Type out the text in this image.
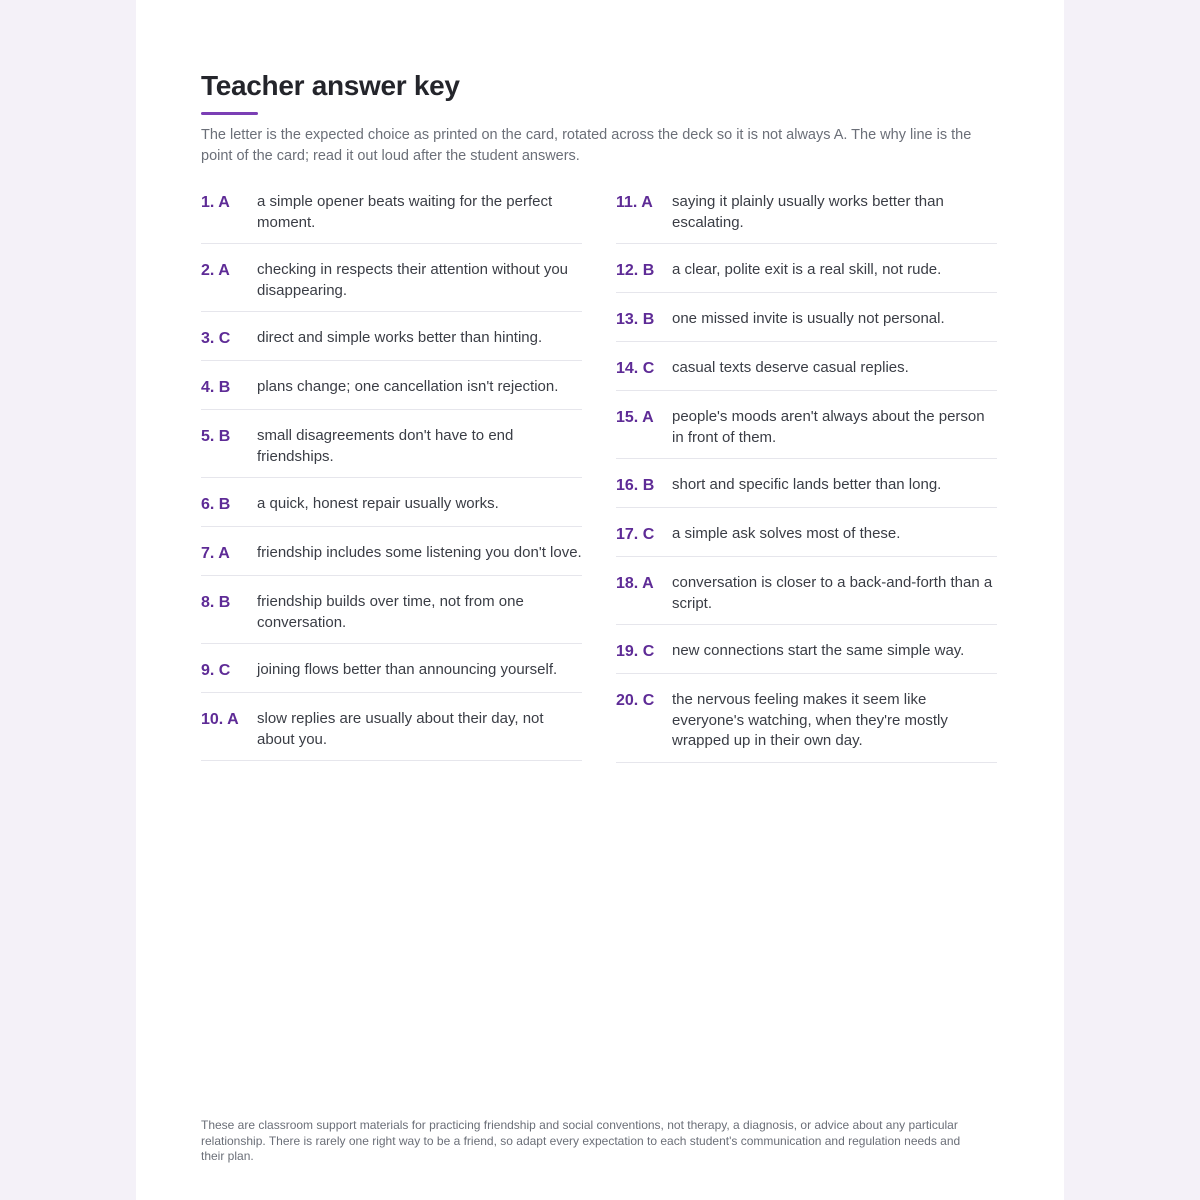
Teacher answer key

The letter is the expected choice as printed on the card, rotated across the deck so it is not always A. The why line is the point of the card; read it out loud after the student answers.

1. A	a simple opener beats waiting for the perfect moment.
2. A	checking in respects their attention without you disappearing.
3. C	direct and simple works better than hinting.
4. B	plans change; one cancellation isn't rejection.
5. B	small disagreements don't have to end friendships.
6. B	a quick, honest repair usually works.
7. A	friendship includes some listening you don't love.
8. B	friendship builds over time, not from one conversation.
9. C	joining flows better than announcing yourself.
10. A	slow replies are usually about their day, not about you.
11. A	saying it plainly usually works better than escalating.
12. B	a clear, polite exit is a real skill, not rude.
13. B	one missed invite is usually not personal.
14. C	casual texts deserve casual replies.
15. A	people's moods aren't always about the person in front of them.
16. B	short and specific lands better than long.
17. C	a simple ask solves most of these.
18. A	conversation is closer to a back-and-forth than a script.
19. C	new connections start the same simple way.
20. C	the nervous feeling makes it seem like everyone's watching, when they're mostly wrapped up in their own day.

These are classroom support materials for practicing friendship and social conventions, not therapy, a diagnosis, or advice about any particular relationship. There is rarely one right way to be a friend, so adapt every expectation to each student's communication and regulation needs and their plan.
